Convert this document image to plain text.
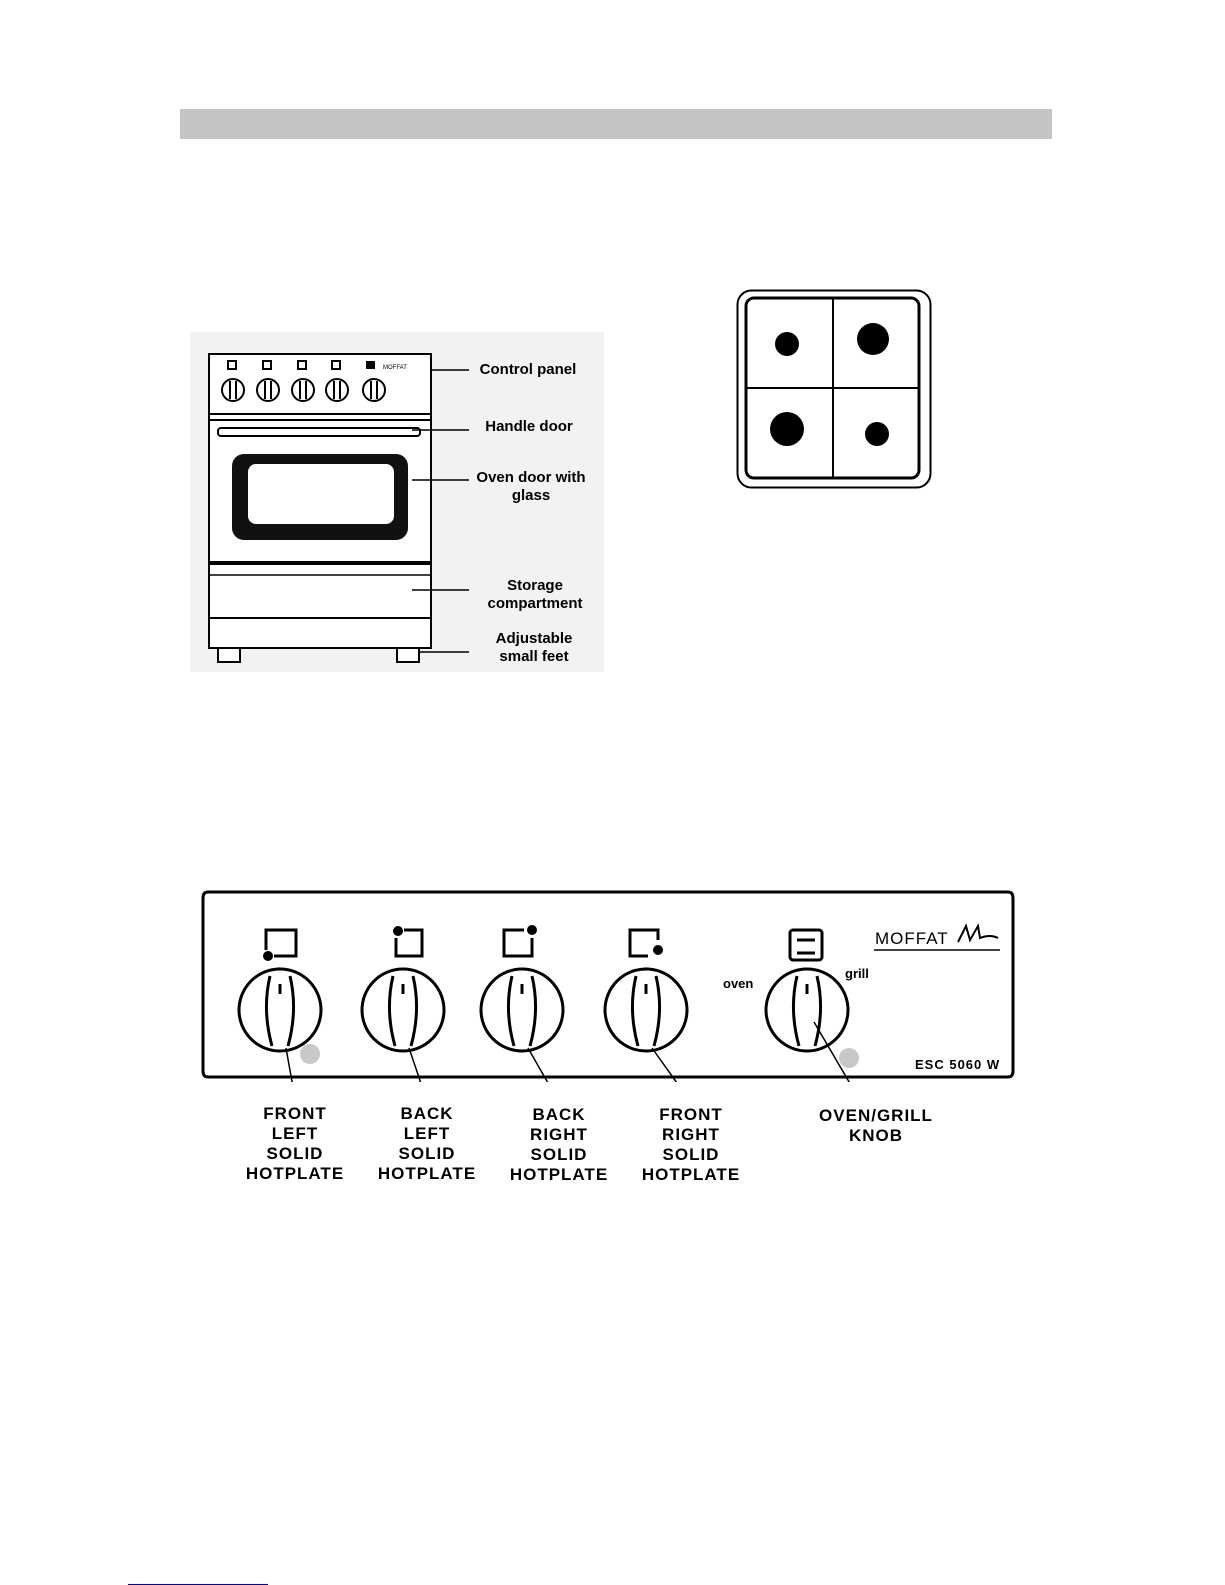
MOFFAT	Control panel
Handle door
Oven door with
glass
Storage
compartment
Adjustable
small feet
MOFFAT
ESC 5060 W
oven
grill
FRONT
LEFT
SOLID
HOTPLATE
BACK
LEFT
SOLID
HOTPLATE
BACK
RIGHT
SOLID
HOTPLATE
FRONT
RIGHT
SOLID
HOTPLATE
OVEN/GRILL
KNOB
